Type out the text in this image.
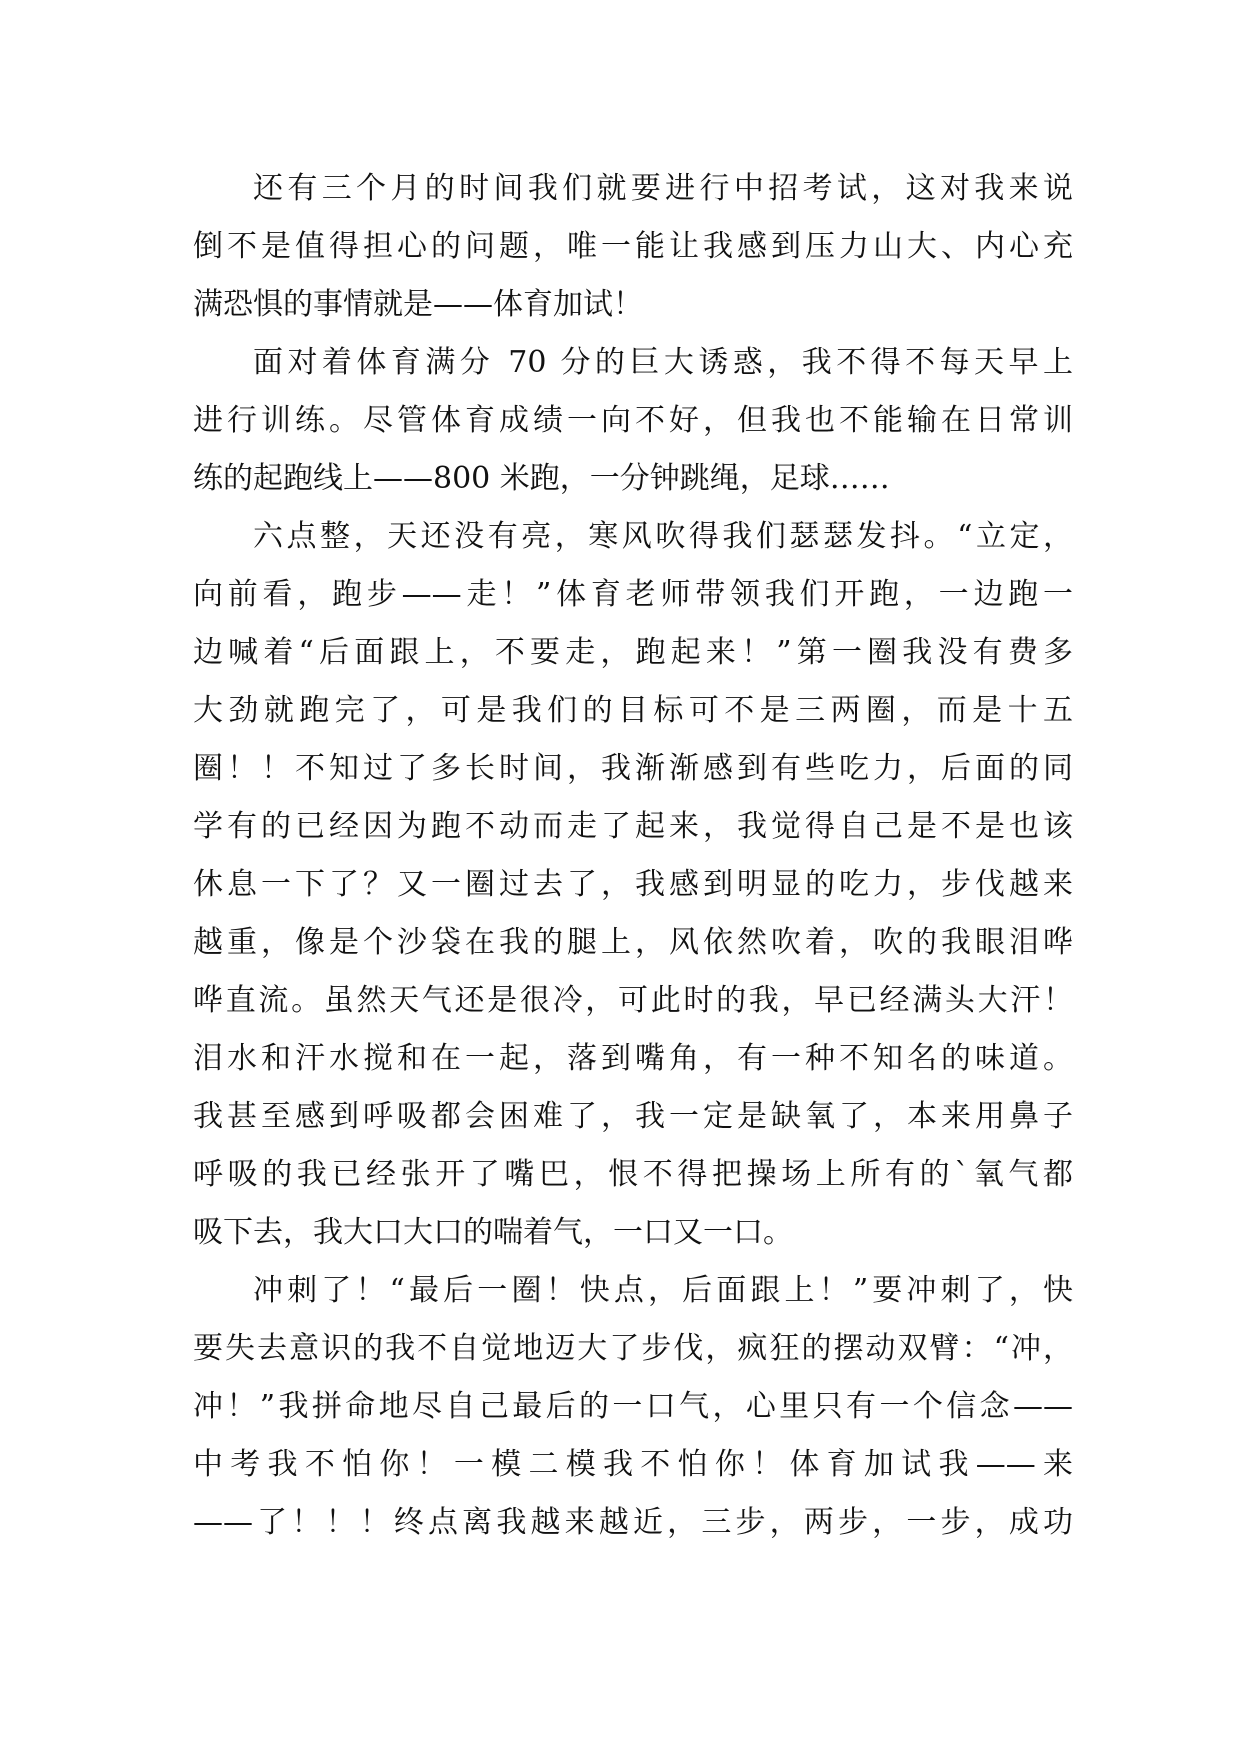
还有三个月的时间我们就要进行中招考试，这对我来说
倒不是值得担心的问题，唯一能让我感到压力山大、内心充
满恐惧的事情就是——体育加试！
面对着体育满分 70 分的巨大诱惑，我不得不每天早上
进行训练。尽管体育成绩一向不好，但我也不能输在日常训
练的起跑线上——800 米跑，一分钟跳绳，足球……
六点整，天还没有亮，寒风吹得我们瑟瑟发抖。“立定，
向前看，跑步——走！”体育老师带领我们开跑，一边跑一
边喊着“后面跟上，不要走，跑起来！”第一圈我没有费多
大劲就跑完了，可是我们的目标可不是三两圈，而是十五
圈！！不知过了多长时间，我渐渐感到有些吃力，后面的同
学有的已经因为跑不动而走了起来，我觉得自己是不是也该
休息一下了？又一圈过去了，我感到明显的吃力，步伐越来
越重，像是个沙袋在我的腿上，风依然吹着，吹的我眼泪哗
哗直流。虽然天气还是很冷，可此时的我，早已经满头大汗！
泪水和汗水搅和在一起，落到嘴角，有一种不知名的味道。
我甚至感到呼吸都会困难了，我一定是缺氧了，本来用鼻子
呼吸的我已经张开了嘴巴，恨不得把操场上所有的`氧气都
吸下去，我大口大口的喘着气，一口又一口。
冲刺了！“最后一圈！快点，后面跟上！”要冲刺了，快
要失去意识的我不自觉地迈大了步伐，疯狂的摆动双臂：“冲，
冲！”我拼命地尽自己最后的一口气，心里只有一个信念——
中考我不怕你！一模二模我不怕你！体育加试我——来
——了！！！终点离我越来越近，三步，两步，一步，成功
